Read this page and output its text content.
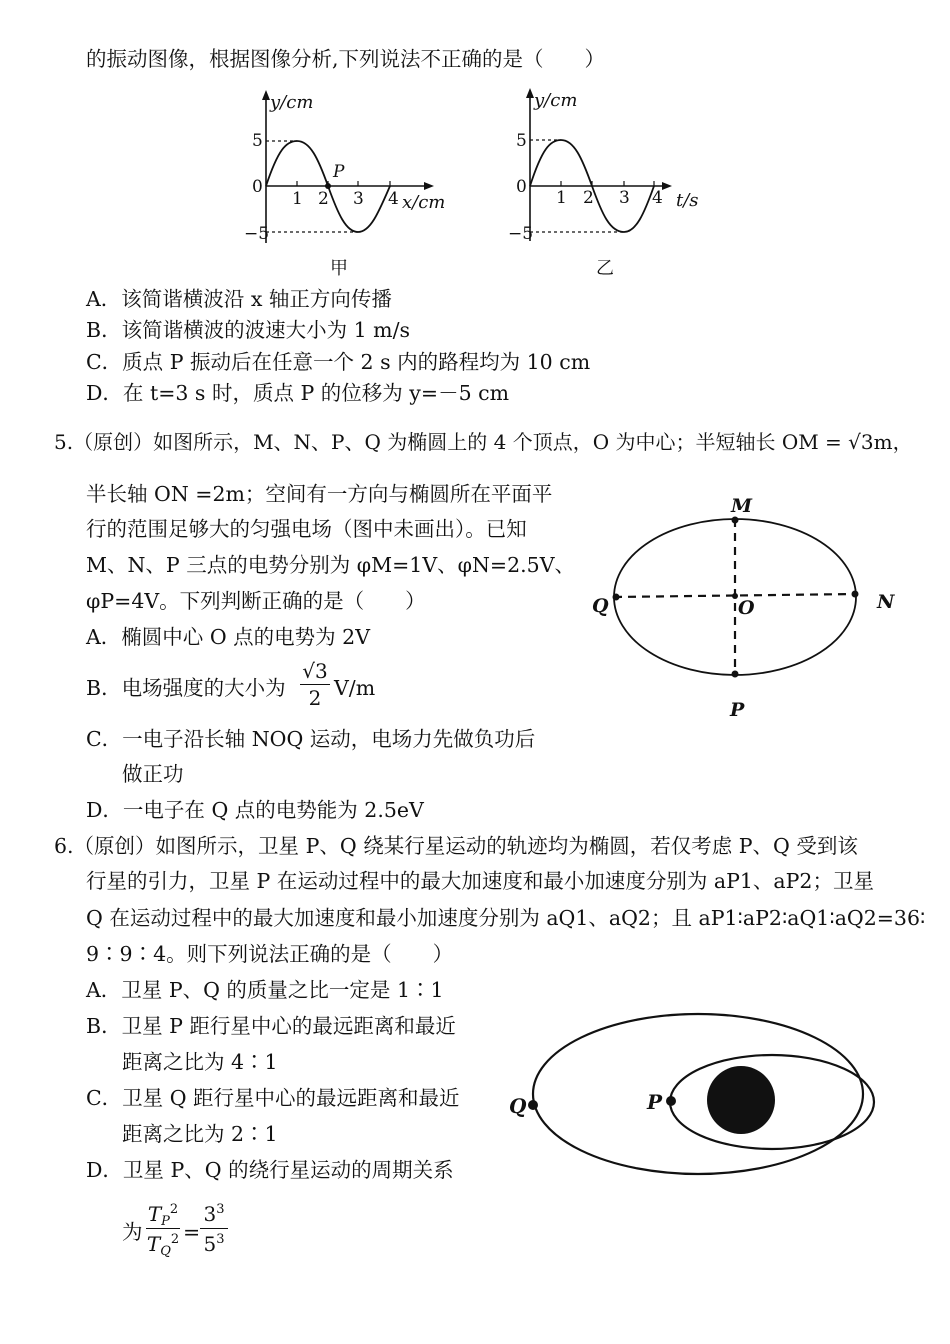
的振动图像，根据图像分析,下列说法不正确的是（　　）
y/cm
5
0
−5
1 2 3 4
P
x/cm
甲
y/cm
5
0
−5
1 2 3 4 t/s
乙
A．该简谐横波沿 x 轴正方向传播
B．该简谐横波的波速大小为 1 m/s
C．质点 P 振动后在任意一个 2 s 内的路程均为 10 cm
D．在 t=3 s 时，质点 P 的位移为 y=－5 cm
5.（原创）如图所示，M、N、P、Q 为椭圆上的 4 个顶点，O 为中心；半短轴长 OM = √3m，
半长轴 ON =2m；空间有一方向与椭圆所在平面平
行的范围足够大的匀强电场（图中未画出）。已知
M、N、P 三点的电势分别为 φM=1V、φN=2.5V、
φP=4V。下列判断正确的是（　　）
A．椭圆中心 O 点的电势为 2V
B．电场强度的大小为 $\frac{√3}{2} V/m$
C．一电子沿长轴 NOQ 运动，电场力先做负功后
做正功
D．一电子在 Q 点的电势能为 2.5eV
M
N
P
Q	O
6.（原创）如图所示，卫星 P、Q 绕某行星运动的轨迹均为椭圆，若仅考虑 P、Q 受到该
行星的引力，卫星 P 在运动过程中的最大加速度和最小加速度分别为 aP1、aP2；卫星
Q 在运动过程中的最大加速度和最小加速度分别为 aQ1、aQ2；且 aP1∶aP2∶aQ1∶aQ2=36∶
9∶9∶4。则下列说法正确的是（　　）
A．卫星 P、Q 的质量之比一定是 1∶1
B．卫星 P 距行星中心的最远距离和最近
距离之比为 4∶1
C．卫星 Q 距行星中心的最远距离和最近
距离之比为 2∶1
D．卫星 P、Q 的绕行星运动的周期关系
为 $\frac{T_P^2}{T_Q^2} = \frac{3^3}{5^3}$
Q	P
